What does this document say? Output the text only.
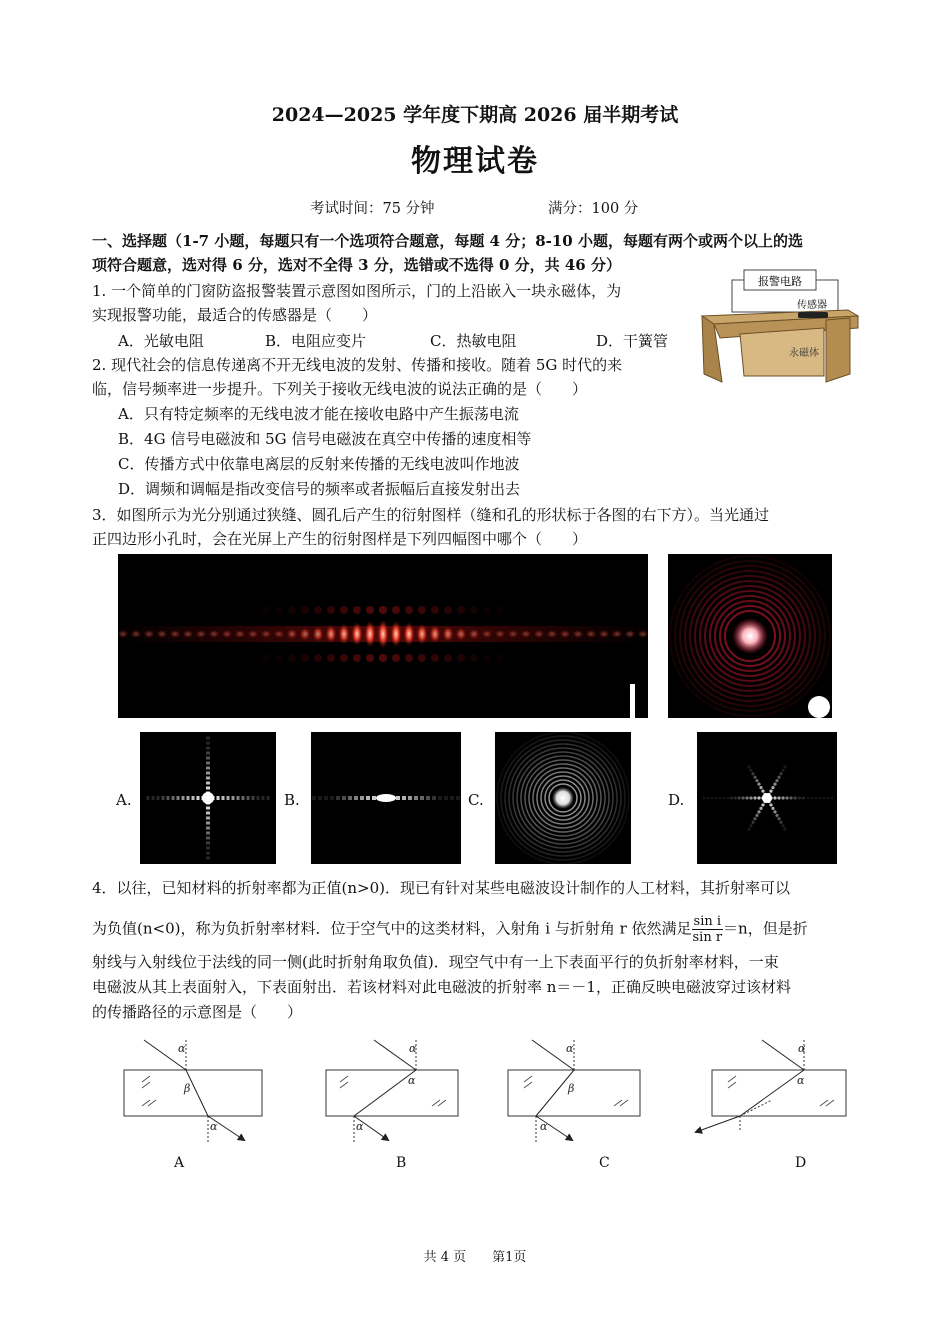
2024—2025 学年度下期高 2026 届半期考试
物理试卷
考试时间：75 分钟	满分：100 分
一、选择题（1-7 小题，每题只有一个选项符合题意，每题 4 分；8-10 小题，每题有两个或两个以上的选
项符合题意，选对得 6 分，选对不全得 3 分，选错或不选得 0 分，共 46 分）
1. 一个简单的门窗防盗报警装置示意图如图所示，门的上沿嵌入一块永磁体，为
实现报警功能，最适合的传感器是（　　）
A．光敏电阻	B．电阻应变片	C．热敏电阻	D．干簧管
报警电路
传感器
永磁体
2. 现代社会的信息传递离不开无线电波的发射、传播和接收。随着 5G 时代的来
临，信号频率进一步提升。下列关于接收无线电波的说法正确的是（　　）
A．只有特定频率的无线电波才能在接收电路中产生振荡电流
B．4G 信号电磁波和 5G 信号电磁波在真空中传播的速度相等
C．传播方式中依靠电离层的反射来传播的无线电波叫作地波
D．调频和调幅是指改变信号的频率或者振幅后直接发射出去
3．如图所示为光分别通过狭缝、圆孔后产生的衍射图样（缝和孔的形状标于各图的右下方）。当光通过
正四边形小孔时，会在光屏上产生的衍射图样是下列四幅图中哪个（　　）
A.	B.	C.	D.
4．以往，已知材料的折射率都为正值(n>0)．现已有针对某些电磁波设计制作的人工材料，其折射率可以
为负值(n<0)，称为负折射率材料．位于空气中的这类材料，入射角 i 与折射角 r 依然满足 $\frac{\text{sin i}}{\text{sin r}} =n$，但是折
射线与入射线位于法线的同一侧(此时折射角取负值)．现空气中有一上下表面平行的负折射率材料，一束
电磁波从其上表面射入，下表面射出．若该材料对此电磁波的折射率 n＝－1，正确反映电磁波穿过该材料
的传播路径的示意图是（　　）
α
β
α
α
α
α
α
β
α
α
α
A	B	C	D
共 4 页　　第1页
